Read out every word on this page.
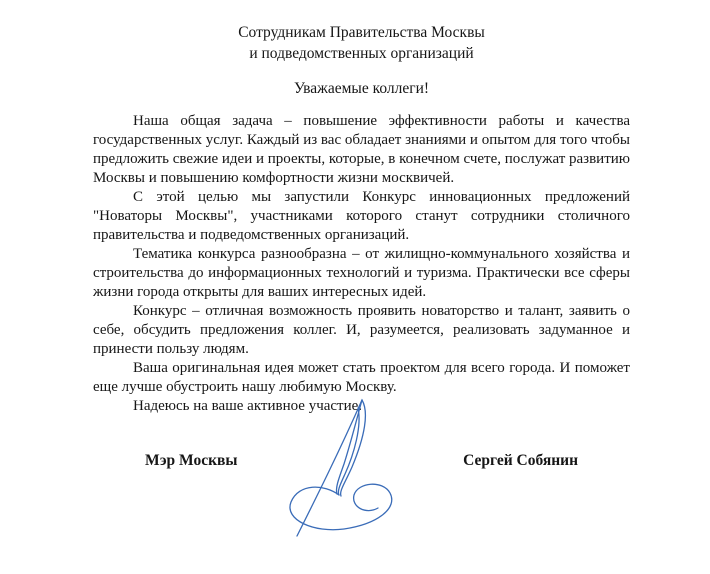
Сотрудникам Правительства Москвы
и подведомственных организаций
Уважаемые коллеги!

Наша общая задача – повышение эффективности работы и качества государственных услуг. Каждый из вас обладает знаниями и опытом для того чтобы предложить свежие идеи и проекты, которые, в конечном счете, послужат развитию Москвы и повышению комфортности жизни москвичей.

С этой целью мы запустили Конкурс инновационных предложений "Новаторы Москвы", участниками которого станут сотрудники столичного правительства и подведомственных организаций.

Тематика конкурса разнообразна – от жилищно-коммунального хозяйства и строительства до информационных технологий и туризма. Практически все сферы жизни города открыты для ваших интересных идей.

Конкурс – отличная возможность проявить новаторство и талант, заявить о себе, обсудить предложения коллег. И, разумеется, реализовать задуманное и принести пользу людям.

Ваша оригинальная идея может стать проектом для всего города. И поможет еще лучше обустроить нашу любимую Москву.

Надеюсь на ваше активное участие.

Мэр Москвы	Сергей Собянин
